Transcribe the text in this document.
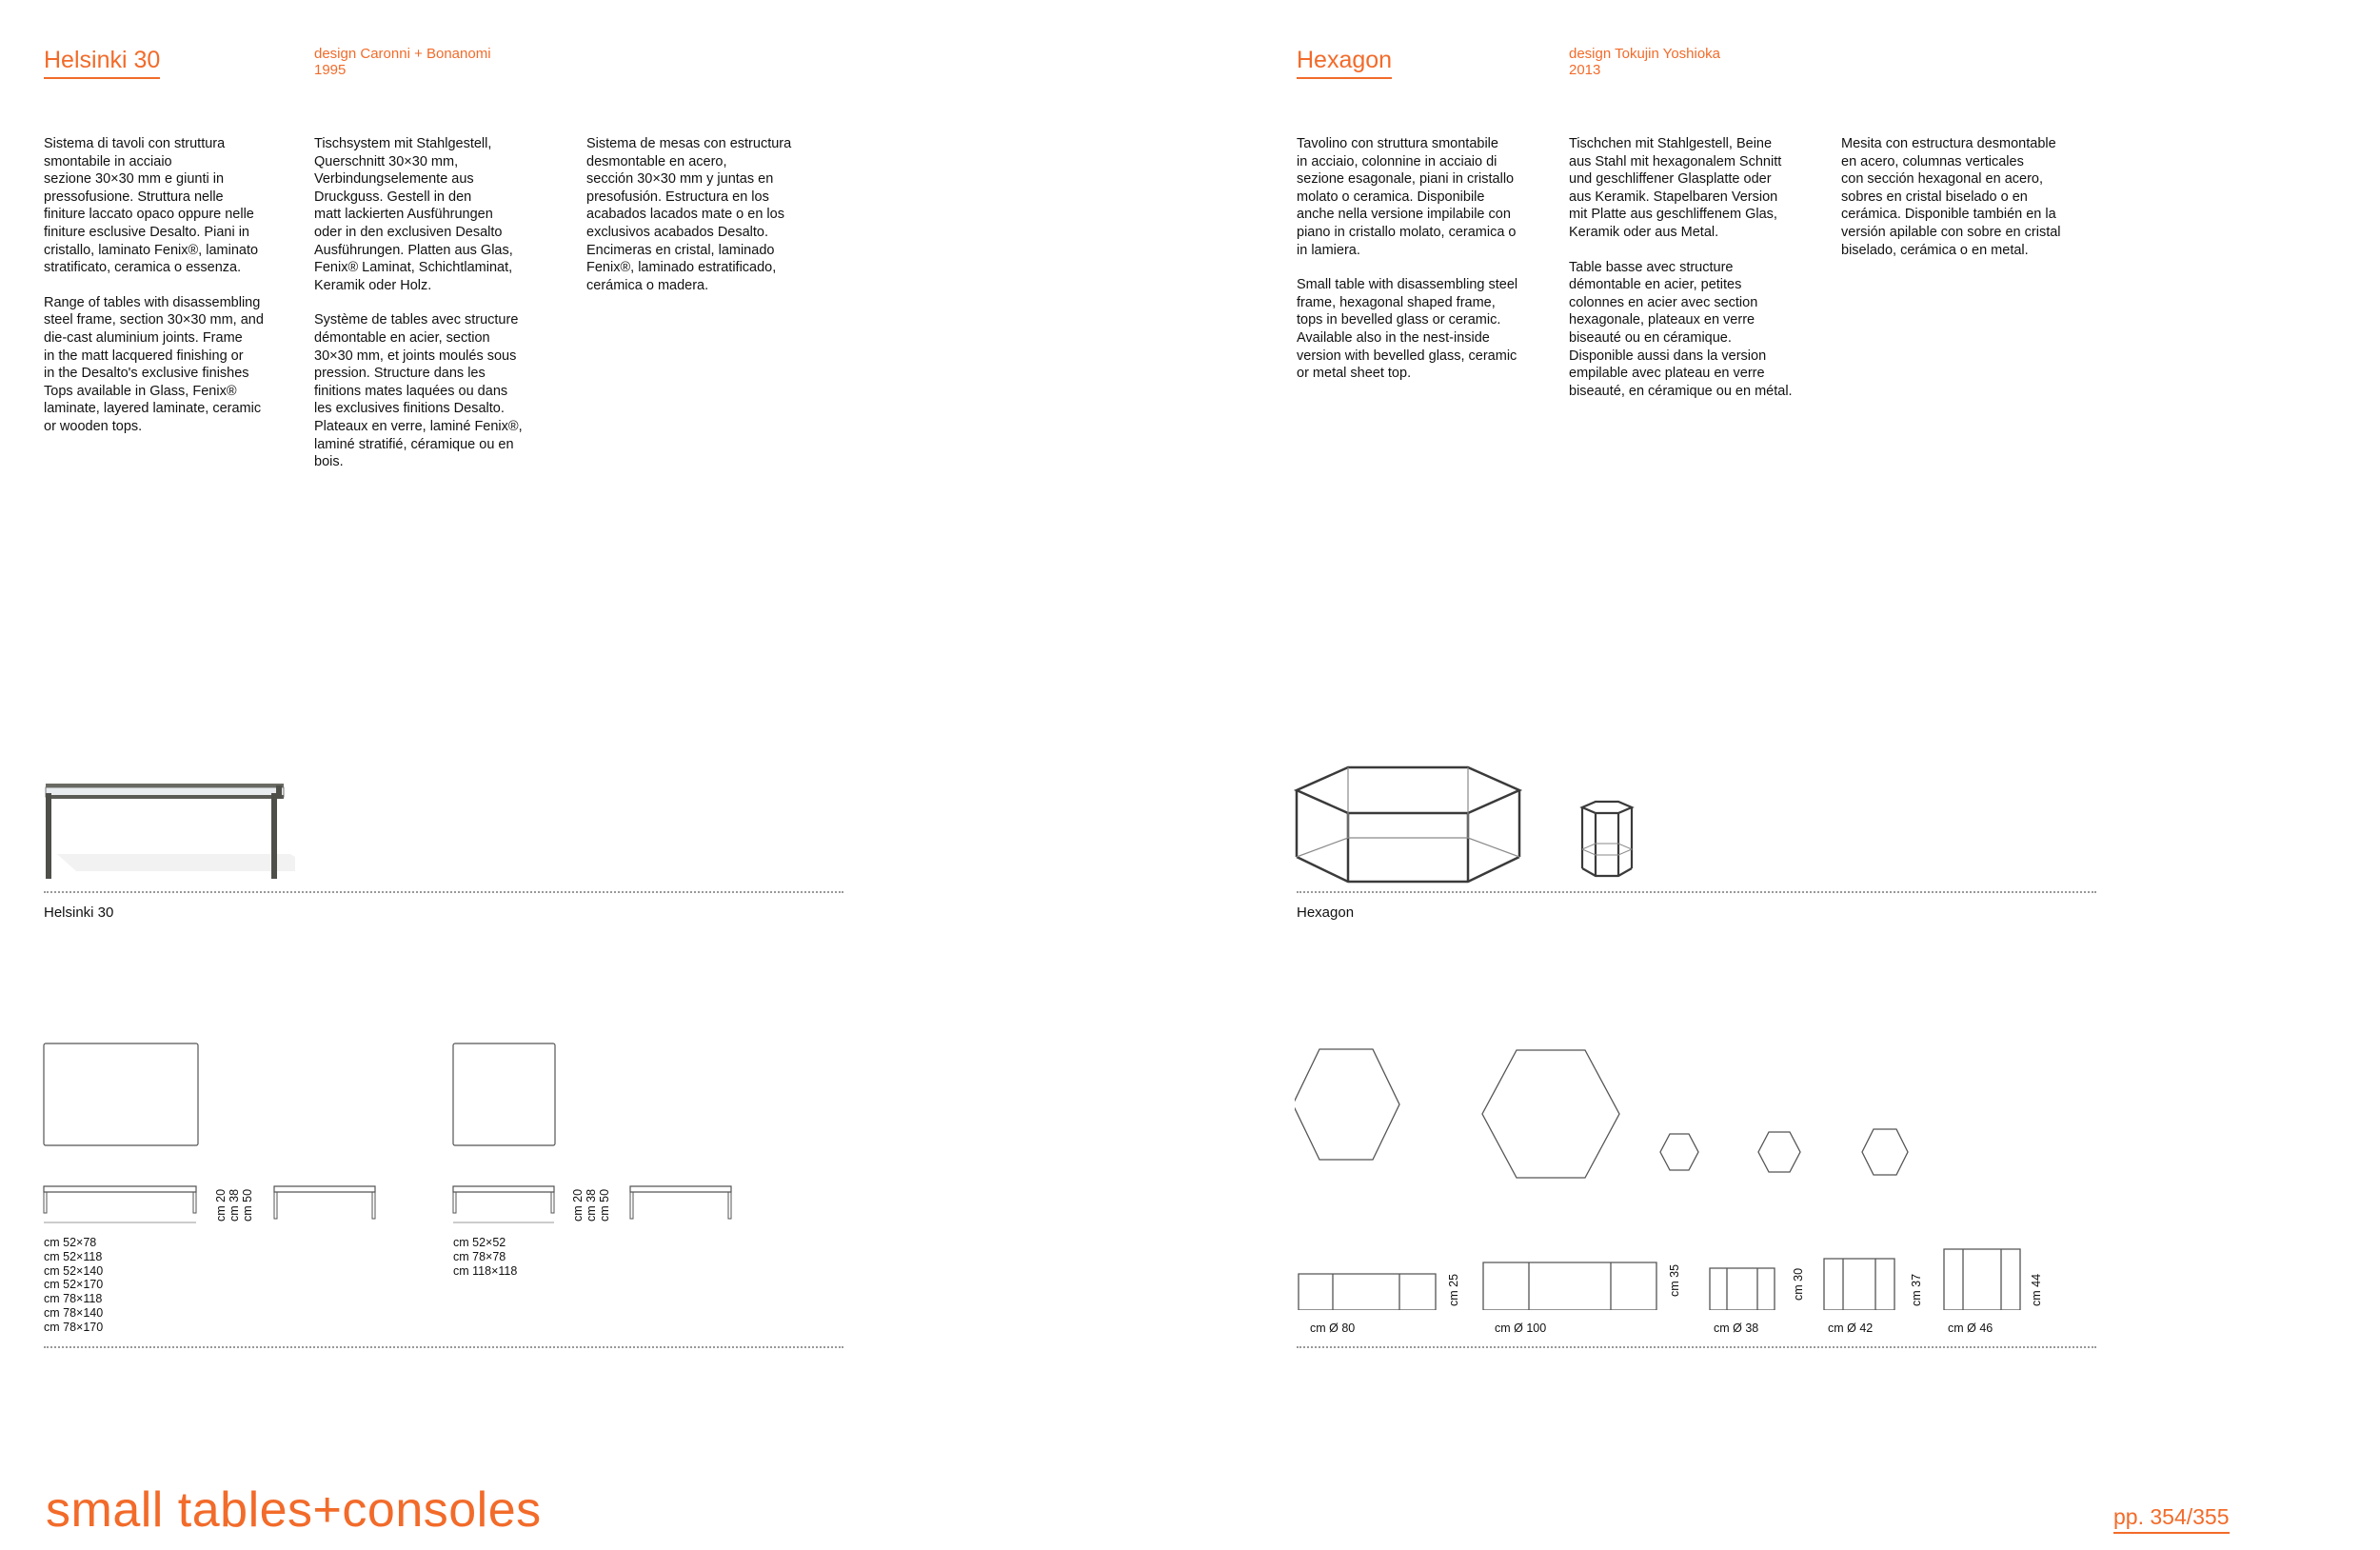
Helsinki 30	design Caronni + Bonanomi
1995

Sistema di tavoli con struttura
smontabile in acciaio
sezione 30×30 mm e giunti in
pressofusione. Struttura nelle
finiture laccato opaco oppure nelle
finiture esclusive Desalto. Piani in
cristallo, laminato Fenix®, laminato
stratificato, ceramica o essenza.

Range of tables with disassembling
steel frame, section 30×30 mm, and
die-cast aluminium joints. Frame
in the matt lacquered finishing or
in the Desalto's exclusive finishes
Tops available in Glass, Fenix®
laminate, layered laminate, ceramic
or wooden tops.

Tischsystem mit Stahlgestell,
Querschnitt 30×30 mm,
Verbindungselemente aus
Druckguss. Gestell in den
matt lackierten Ausführungen
oder in den exclusiven Desalto
Ausführungen. Platten aus Glas,
Fenix® Laminat, Schichtlaminat,
Keramik oder Holz.

Système de tables avec structure
démontable en acier, section
30×30 mm, et joints moulés sous
pression. Structure dans les
finitions mates laquées ou dans
les exclusives finitions Desalto.
Plateaux en verre, laminé Fenix®,
laminé stratifié, céramique ou en
bois.

Sistema de mesas con estructura
desmontable en acero,
sección 30×30 mm y juntas en
presofusión. Estructura en los
acabados lacados mate o en los
exclusivos acabados Desalto.
Encimeras en cristal, laminado
Fenix®, laminado estratificado,
cerámica o madera.

Helsinki 30
cm 20 cm 38 cm 50
cm 52×78
cm 52×118
cm 52×140
cm 52×170
cm 78×118
cm 78×140
cm 78×170
cm 20 cm 38 cm 50
cm 52×52
cm 78×78
cm 118×118
Hexagon	design Tokujin Yoshioka
2013

Tavolino con struttura smontabile
in acciaio, colonnine in acciaio di
sezione esagonale, piani in cristallo
molato o ceramica. Disponibile
anche nella versione impilabile con
piano in cristallo molato, ceramica o
in lamiera.

Small table with disassembling steel
frame, hexagonal shaped frame,
tops in bevelled glass or ceramic.
Available also in the nest-inside
version with bevelled glass, ceramic
or metal sheet top.

Tischchen mit Stahlgestell, Beine
aus Stahl mit hexagonalem Schnitt
und geschliffener Glasplatte oder
aus Keramik. Stapelbaren Version
mit Platte aus geschliffenem Glas,
Keramik oder aus Metal.

Table basse avec structure
démontable en acier, petites
colonnes en acier avec section
hexagonale, plateaux en verre
biseauté ou en céramique.
Disponible aussi dans la version
empilable avec plateau en verre
biseauté, en céramique ou en métal.

Mesita con estructura desmontable
en acero, columnas verticales
con sección hexagonal en acero,
sobres en cristal biselado o en
cerámica. Disponible también en la
versión apilable con sobre en cristal
biselado, cerámica o en metal.

Hexagon
cm 25	cm 35	cm 30	cm 37	cm 44
cm Ø 80	cm Ø 100	cm Ø 38	cm Ø 42	cm Ø 46
small tables+consoles	pp. 354/355
